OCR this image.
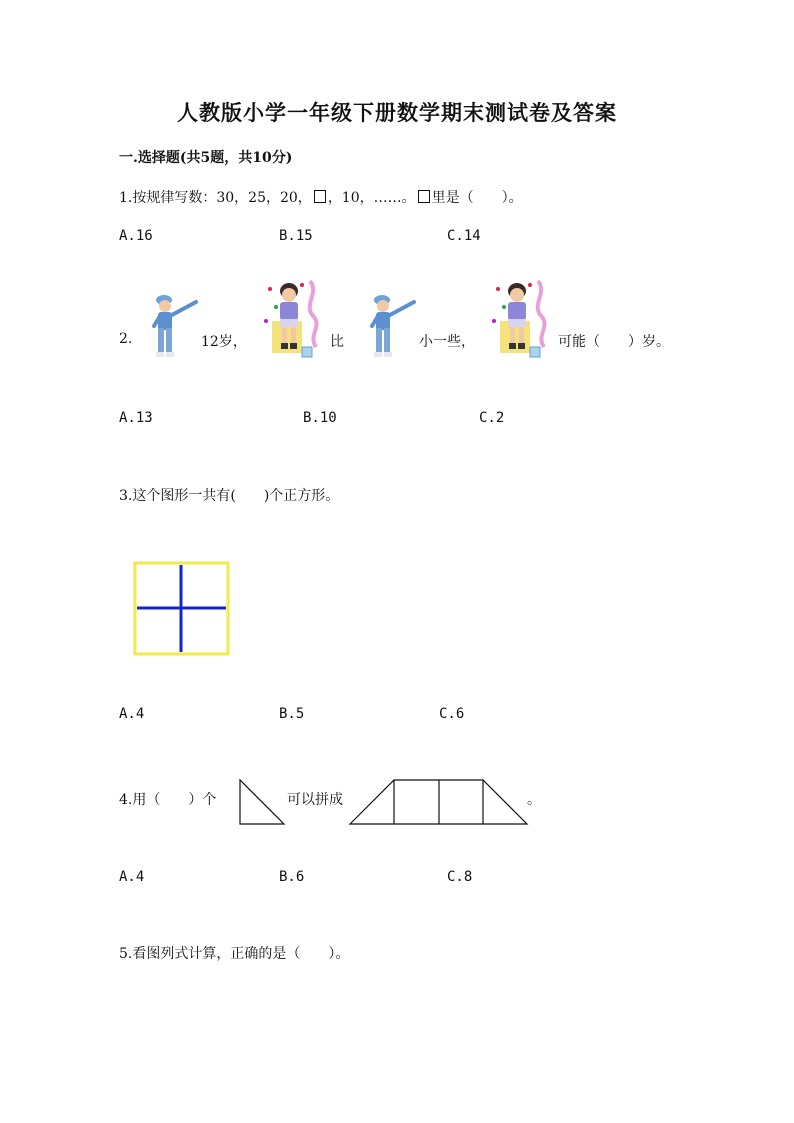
人教版小学一年级下册数学期末测试卷及答案
一.选择题(共5题，共10分)
1.按规律写数：30，25，20， ，10，……。 里是（　　）。
A.16	B.15	C.14
2.	12岁，	比	小一些，	可能（　　）岁。
A.13	B.10	C.2
3.这个图形一共有(　　)个正方形。
A.4	B.5	C.6
4.用（　　）个	可以拼成	。
A.4	B.6	C.8
5.看图列式计算，正确的是（　　）。
